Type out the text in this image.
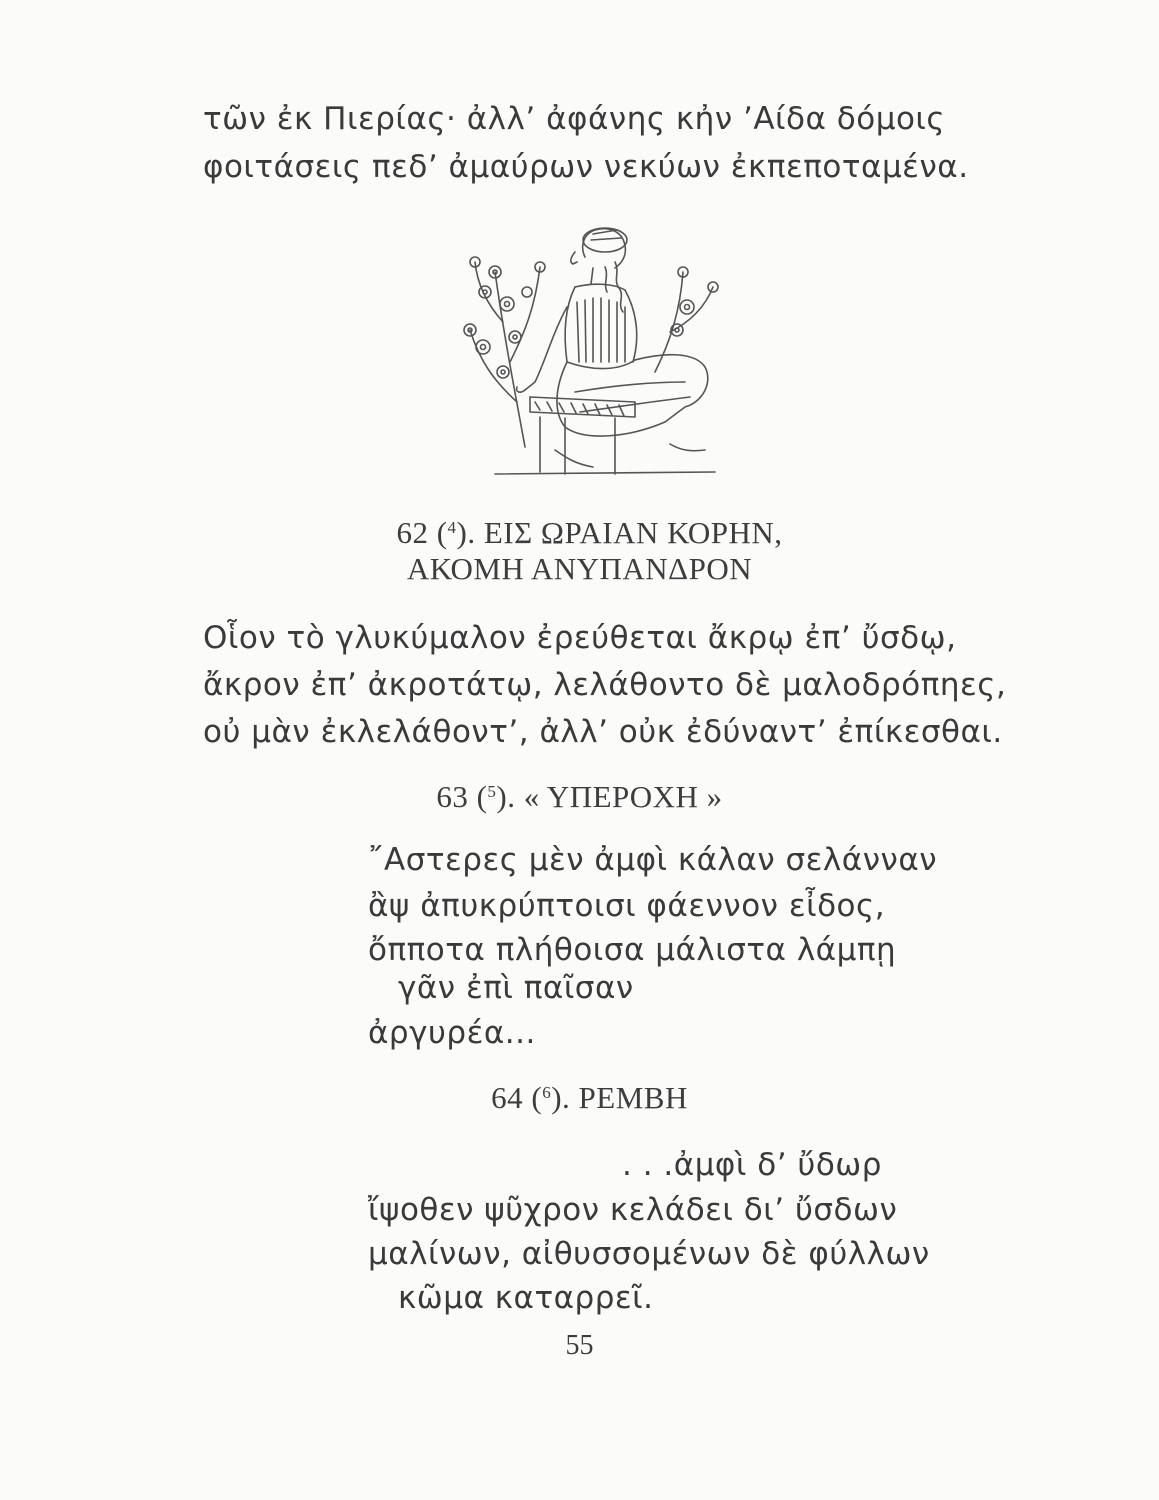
τῶν ἐκ Πιερίας· ἀλλ’ ἀφάνης κἠν ’Αίδα δόμοις
φοιτάσεις πεδ’ ἀμαύρων νεκύων ἐκπεποταμένα.
62 ($^4$). ΕΙΣ ΩΡΑΙΑΝ ΚΟΡΗΝ,
ΑΚΟΜΗ ΑΝΥΠΑΝΔΡΟΝ
Οἷον τὸ γλυκύμαλον ἐρεύθεται ἄκρῳ ἐπ’ ὔσδῳ,
ἄκρον ἐπ’ ἀκροτάτῳ, λελάθοντο δὲ μαλοδρόπηες,
οὐ μὰν ἐκλελάθοντ’, ἀλλ’ οὐκ ἐδύναντ’ ἐπίκεσθαι.
63 ($^5$). « ΥΠΕΡΟΧΗ »
῎Αστερες μὲν ἀμφὶ κάλαν σελάνναν
ἂψ ἀπυκρύπτοισι φάεννον εἶδος,
ὄπποτα πλήθοισα μάλιστα λάμπῃ
γᾶν ἐπὶ παῖσαν
ἀργυρέα...
64 ($^6$). ΡΕΜΒΗ
. . .ἀμφὶ δ’ ὔδωρ
ἴψοθεν ψῦχρον κελάδει δι’ ὔσδων
μαλίνων, αἰθυσσομένων δὲ φύλλων
κῶμα καταρρεῖ.
55
